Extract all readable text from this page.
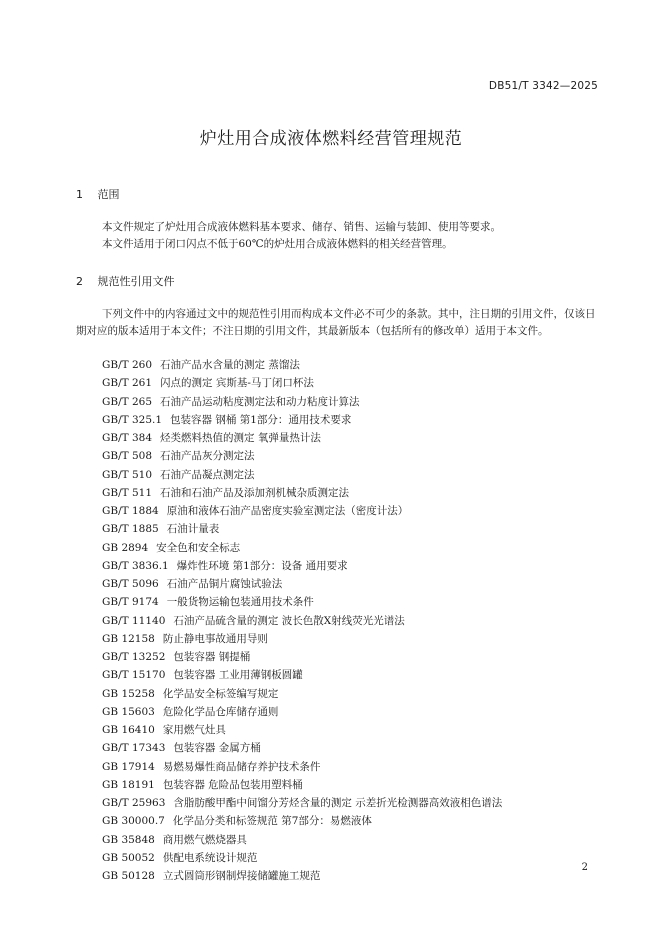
DB51/T 3342—2025
炉灶用合成液体燃料经营管理规范
1 范围
本文件规定了炉灶用合成液体燃料基本要求、储存、销售、运输与装卸、使用等要求。
本文件适用于闭口闪点不低于60℃的炉灶用合成液体燃料的相关经营管理。
2 规范性引用文件
下列文件中的内容通过文中的规范性引用而构成本文件必不可少的条款。其中，注日期的引用文件，仅该日期对应的版本适用于本文件；不注日期的引用文件，其最新版本（包括所有的修改单）适用于本文件。
GB/T 260 石油产品水含量的测定 蒸馏法
GB/T 261 闪点的测定 宾斯基-马丁闭口杯法
GB/T 265 石油产品运动粘度测定法和动力粘度计算法
GB/T 325.1 包装容器 钢桶 第1部分：通用技术要求
GB/T 384 烃类燃料热值的测定 氧弹量热计法
GB/T 508 石油产品灰分测定法
GB/T 510 石油产品凝点测定法
GB/T 511 石油和石油产品及添加剂机械杂质测定法
GB/T 1884 原油和液体石油产品密度实验室测定法（密度计法）
GB/T 1885 石油计量表
GB 2894 安全色和安全标志
GB/T 3836.1 爆炸性环境 第1部分：设备 通用要求
GB/T 5096 石油产品铜片腐蚀试验法
GB/T 9174 一般货物运输包装通用技术条件
GB/T 11140 石油产品硫含量的测定 波长色散X射线荧光光谱法
GB 12158 防止静电事故通用导则
GB/T 13252 包装容器 钢提桶
GB/T 15170 包装容器 工业用薄钢板圆罐
GB 15258 化学品安全标签编写规定
GB 15603 危险化学品仓库储存通则
GB 16410 家用燃气灶具
GB/T 17343 包装容器 金属方桶
GB 17914 易燃易爆性商品储存养护技术条件
GB 18191 包装容器 危险品包装用塑料桶
GB/T 25963 含脂肪酸甲酯中间馏分芳烃含量的测定 示差折光检测器高效液相色谱法
GB 30000.7 化学品分类和标签规范 第7部分：易燃液体
GB 35848 商用燃气燃烧器具
GB 50052 供配电系统设计规范
GB 50128 立式圆筒形钢制焊接储罐施工规范
2
